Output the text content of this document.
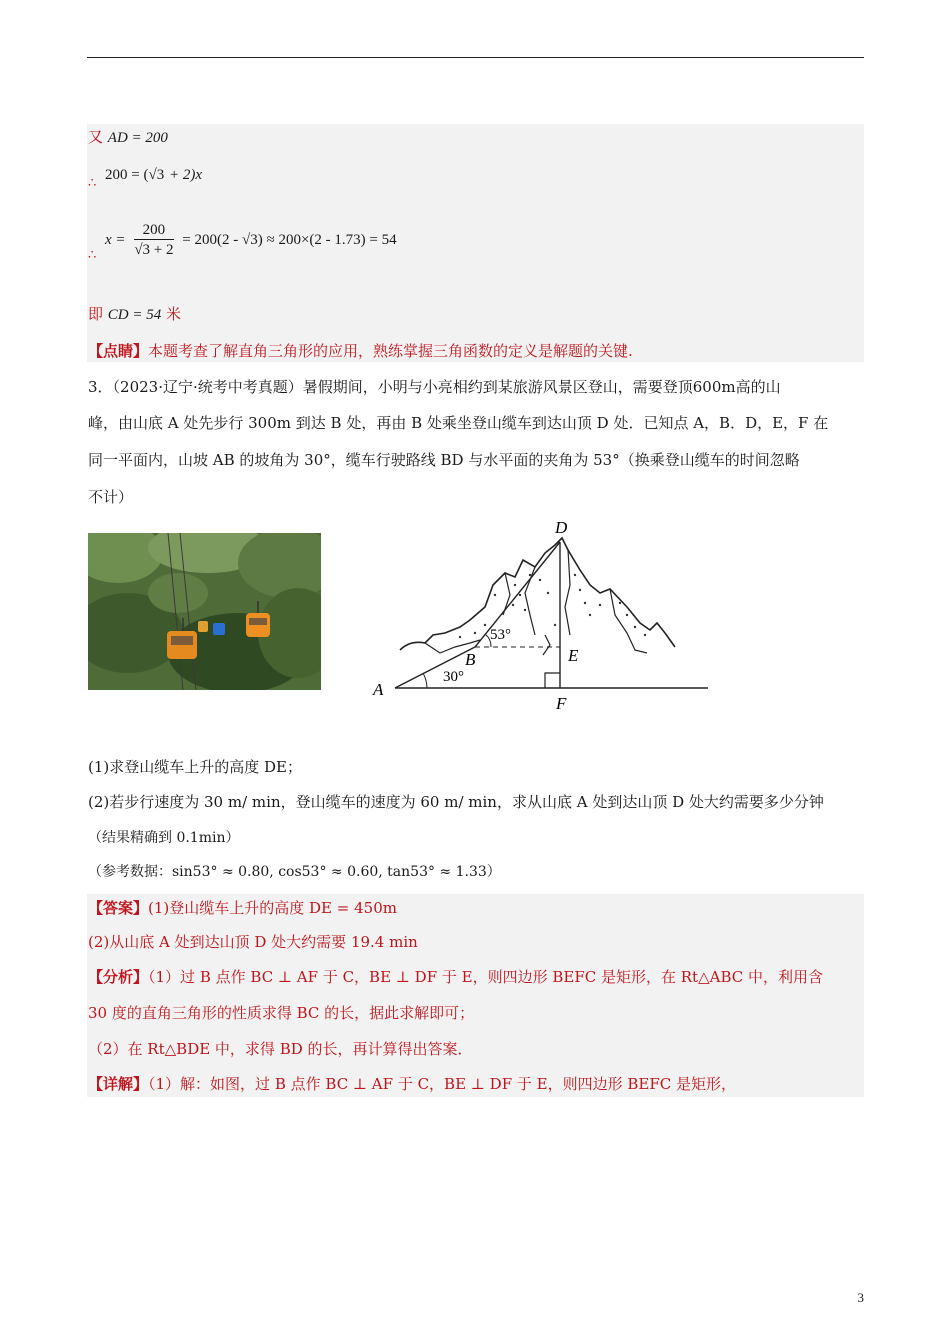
又 AD = 200
200 = (√3 + 2)x
∴
$x = \frac{200}{√3 + 2} = 200(2 - √3) \approx 200\times(2 - 1.73) = 54$
∴
即 CD = 54 米
【点睛】本题考查了解直角三角形的应用，熟练掌握三角函数的定义是解题的关键.
3．（2023·辽宁·统考中考真题）暑假期间，小明与小亮相约到某旅游风景区登山，需要登顶600m高的山
峰，由山底 A 处先步行 300m 到达 B 处，再由 B 处乘坐登山缆车到达山顶 D 处．已知点 A，B．D，E，F 在
同一平面内，山坡 AB 的坡角为 30°，缆车行驶路线 BD 与水平面的夹角为 53°（换乘登山缆车的时间忽略
不计）
D
E
F
A
B
53°
30°
(1)求登山缆车上升的高度 DE；
(2)若步行速度为 30 m/ min，登山缆车的速度为 60 m/ min，求从山底 A 处到达山顶 D 处大约需要多少分钟
（结果精确到 0.1min）
（参考数据：sin53° ≈ 0.80, cos53° ≈ 0.60, tan53° ≈ 1.33）
【答案】(1)登山缆车上升的高度 DE = 450m
(2)从山底 A 处到达山顶 D 处大约需要 19.4 min
【分析】（1）过 B 点作 BC ⊥ AF 于 C，BE ⊥ DF 于 E，则四边形 BEFC 是矩形，在 Rt△ABC 中，利用含
30 度的直角三角形的性质求得 BC 的长，据此求解即可；
（2）在 Rt△BDE 中，求得 BD 的长，再计算得出答案．
【详解】（1）解：如图，过 B 点作 BC ⊥ AF 于 C，BE ⊥ DF 于 E，则四边形 BEFC 是矩形，
3
